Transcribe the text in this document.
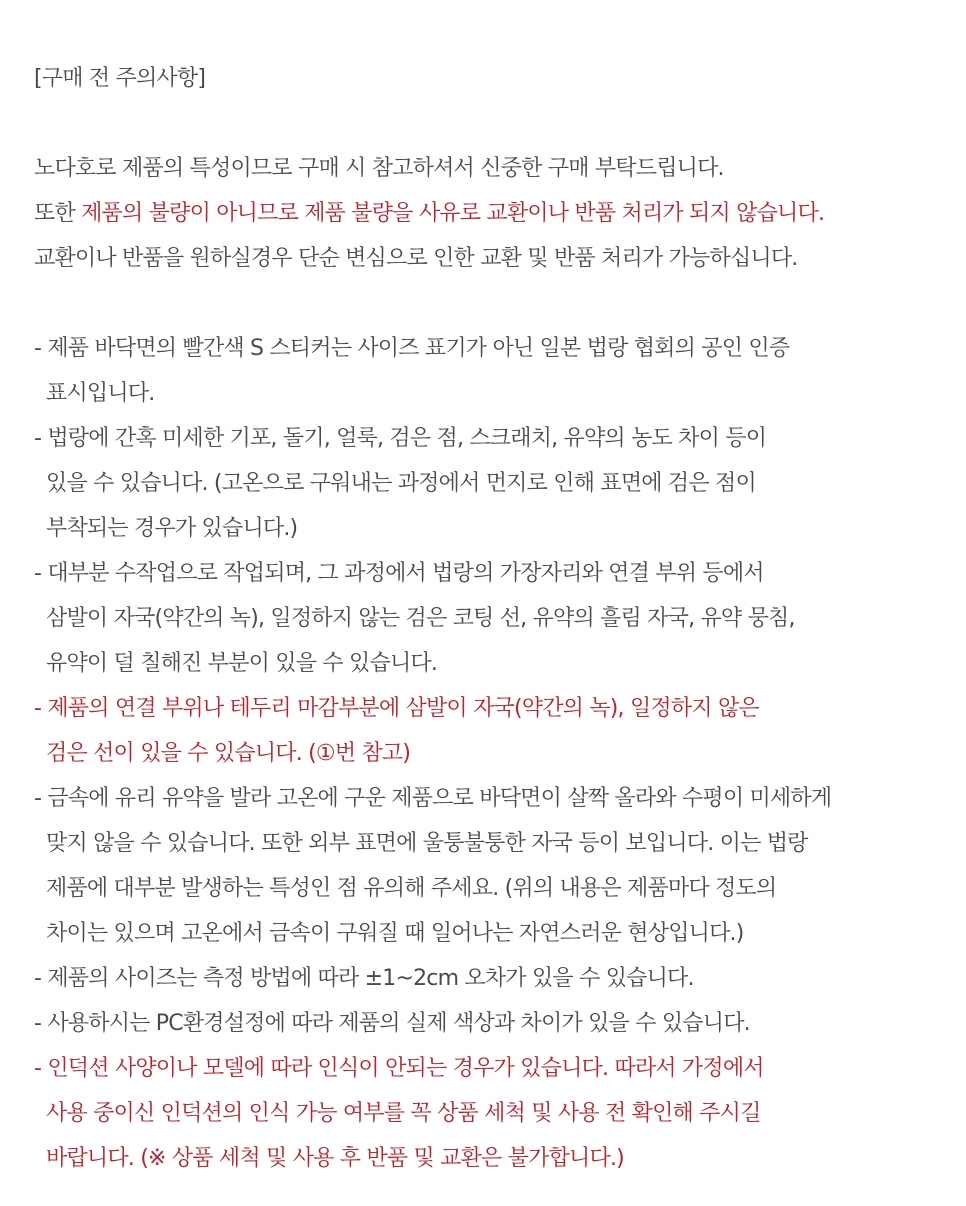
[구매 전 주의사항]
노다호로 제품의 특성이므로 구매 시 참고하셔서 신중한 구매 부탁드립니다.
또한 제품의 불량이 아니므로 제품 불량을 사유로 교환이나 반품 처리가 되지 않습니다.
교환이나 반품을 원하실경우 단순 변심으로 인한 교환 및 반품 처리가 가능하십니다.
- 제품 바닥면의 빨간색 S 스티커는 사이즈 표기가 아닌 일본 법랑 협회의 공인 인증
표시입니다.
- 법랑에 간혹 미세한 기포, 돌기, 얼룩, 검은 점, 스크래치, 유약의 농도 차이 등이
있을 수 있습니다. (고온으로 구워내는 과정에서 먼지로 인해 표면에 검은 점이
부착되는 경우가 있습니다.)
- 대부분 수작업으로 작업되며, 그 과정에서 법랑의 가장자리와 연결 부위 등에서
삼발이 자국(약간의 녹), 일정하지 않는 검은 코팅 선, 유약의 흘림 자국, 유약 뭉침,
유약이 덜 칠해진 부분이 있을 수 있습니다.
- 제품의 연결 부위나 테두리 마감부분에 삼발이 자국(약간의 녹), 일정하지 않은
검은 선이 있을 수 있습니다. (①번 참고)
- 금속에 유리 유약을 발라 고온에 구운 제품으로 바닥면이 살짝 올라와 수평이 미세하게
맞지 않을 수 있습니다. 또한 외부 표면에 울퉁불퉁한 자국 등이 보입니다. 이는 법랑
제품에 대부분 발생하는 특성인 점 유의해 주세요. (위의 내용은 제품마다 정도의
차이는 있으며 고온에서 금속이 구워질 때 일어나는 자연스러운 현상입니다.)
- 제품의 사이즈는 측정 방법에 따라 ±1~2cm 오차가 있을 수 있습니다.
- 사용하시는 PC환경설정에 따라 제품의 실제 색상과 차이가 있을 수 있습니다.
- 인덕션 사양이나 모델에 따라 인식이 안되는 경우가 있습니다. 따라서 가정에서
사용 중이신 인덕션의 인식 가능 여부를 꼭 상품 세척 및 사용 전 확인해 주시길
바랍니다. (※ 상품 세척 및 사용 후 반품 및 교환은 불가합니다.)
